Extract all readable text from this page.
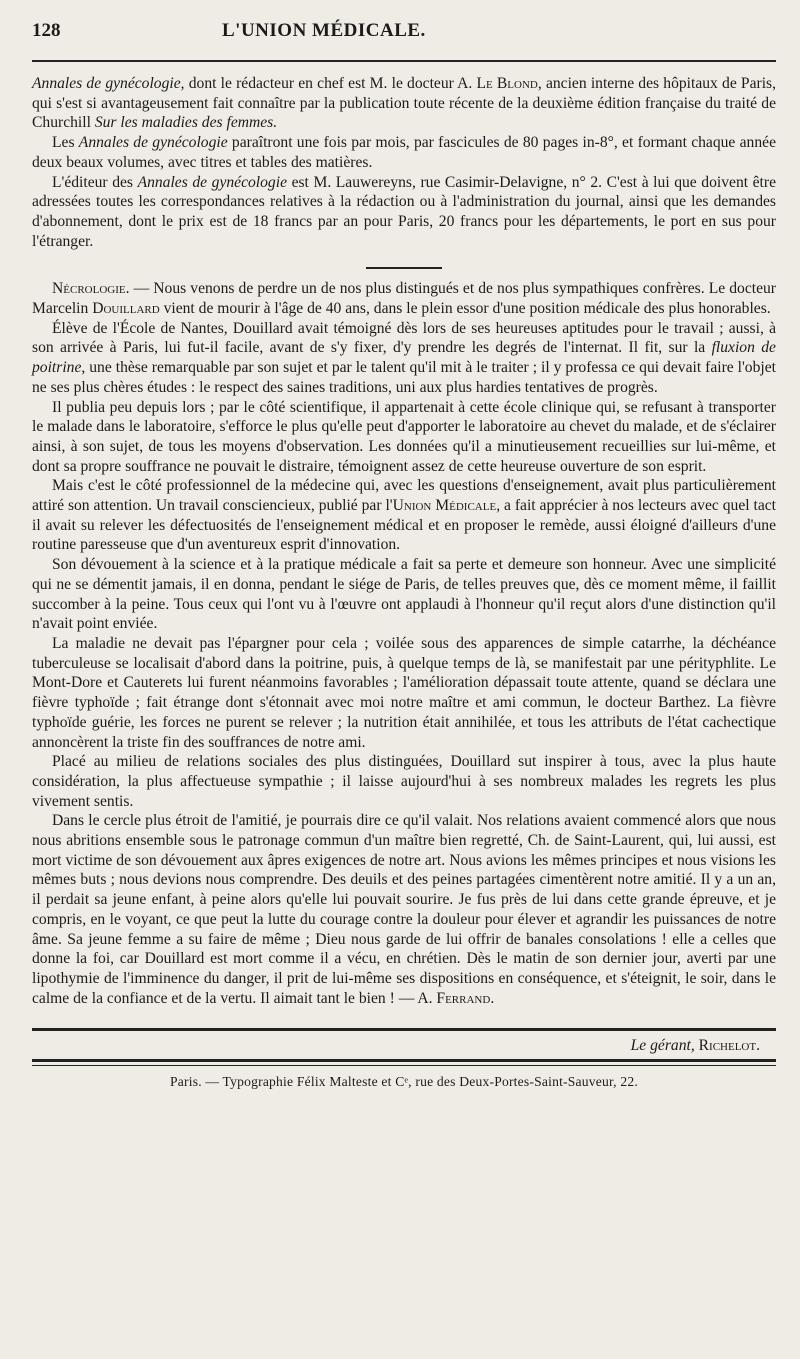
128	L'UNION MÉDICALE.

Annales de gynécologie, dont le rédacteur en chef est M. le docteur A. Le Blond, ancien interne des hôpitaux de Paris, qui s'est si avantageusement fait connaître par la publication toute récente de la deuxième édition française du traité de Churchill Sur les maladies des femmes.

Les Annales de gynécologie paraîtront une fois par mois, par fascicules de 80 pages in-8°, et formant chaque année deux beaux volumes, avec titres et tables des matières.

L'éditeur des Annales de gynécologie est M. Lauwereyns, rue Casimir-Delavigne, n° 2. C'est à lui que doivent être adressées toutes les correspondances relatives à la rédaction ou à l'administration du journal, ainsi que les demandes d'abonnement, dont le prix est de 18 francs par an pour Paris, 20 francs pour les départements, le port en sus pour l'étranger.

Nécrologie. — Nous venons de perdre un de nos plus distingués et de nos plus sympathiques confrères. Le docteur Marcelin Douillard vient de mourir à l'âge de 40 ans, dans le plein essor d'une position médicale des plus honorables.

Élève de l'École de Nantes, Douillard avait témoigné dès lors de ses heureuses aptitudes pour le travail ; aussi, à son arrivée à Paris, lui fut-il facile, avant de s'y fixer, d'y prendre les degrés de l'internat. Il fit, sur la fluxion de poitrine, une thèse remarquable par son sujet et par le talent qu'il mit à le traiter ; il y professa ce qui devait faire l'objet ne ses plus chères études : le respect des saines traditions, uni aux plus hardies tentatives de progrès.

Il publia peu depuis lors ; par le côté scientifique, il appartenait à cette école clinique qui, se refusant à transporter le malade dans le laboratoire, s'efforce le plus qu'elle peut d'apporter le laboratoire au chevet du malade, et de s'éclairer ainsi, à son sujet, de tous les moyens d'observation. Les données qu'il a minutieusement recueillies sur lui-même, et dont sa propre souffrance ne pouvait le distraire, témoignent assez de cette heureuse ouverture de son esprit.

Mais c'est le côté professionnel de la médecine qui, avec les questions d'enseignement, avait plus particulièrement attiré son attention. Un travail consciencieux, publié par l'Union Médicale, a fait apprécier à nos lecteurs avec quel tact il avait su relever les défectuosités de l'enseignement médical et en proposer le remède, aussi éloigné d'ailleurs d'une routine paresseuse que d'un aventureux esprit d'innovation.

Son dévouement à la science et à la pratique médicale a fait sa perte et demeure son honneur. Avec une simplicité qui ne se démentit jamais, il en donna, pendant le siége de Paris, de telles preuves que, dès ce moment même, il faillit succomber à la peine. Tous ceux qui l'ont vu à l'œuvre ont applaudi à l'honneur qu'il reçut alors d'une distinction qu'il n'avait point enviée.

La maladie ne devait pas l'épargner pour cela ; voilée sous des apparences de simple catarrhe, la déchéance tuberculeuse se localisait d'abord dans la poitrine, puis, à quelque temps de là, se manifestait par une pérityphlite. Le Mont-Dore et Cauterets lui furent néanmoins favorables ; l'amélioration dépassait toute attente, quand se déclara une fièvre typhoïde ; fait étrange dont s'étonnait avec moi notre maître et ami commun, le docteur Barthez. La fièvre typhoïde guérie, les forces ne purent se relever ; la nutrition était annihilée, et tous les attributs de l'état cachectique annoncèrent la triste fin des souffrances de notre ami.

Placé au milieu de relations sociales des plus distinguées, Douillard sut inspirer à tous, avec la plus haute considération, la plus affectueuse sympathie ; il laisse aujourd'hui à ses nombreux malades les regrets les plus vivement sentis.

Dans le cercle plus étroit de l'amitié, je pourrais dire ce qu'il valait. Nos relations avaient commencé alors que nous nous abritions ensemble sous le patronage commun d'un maître bien regretté, Ch. de Saint-Laurent, qui, lui aussi, est mort victime de son dévouement aux âpres exigences de notre art. Nous avions les mêmes principes et nous visions les mêmes buts ; nous devions nous comprendre. Des deuils et des peines partagées cimentèrent notre amitié. Il y a un an, il perdait sa jeune enfant, à peine alors qu'elle lui pouvait sourire. Je fus près de lui dans cette grande épreuve, et je compris, en le voyant, ce que peut la lutte du courage contre la douleur pour élever et agrandir les puissances de notre âme. Sa jeune femme a su faire de même ; Dieu nous garde de lui offrir de banales consolations ! elle a celles que donne la foi, car Douillard est mort comme il a vécu, en chrétien. Dès le matin de son dernier jour, averti par une lipothymie de l'imminence du danger, il prit de lui-même ses dispositions en conséquence, et s'éteignit, le soir, dans le calme de la confiance et de la vertu. Il aimait tant le bien ! — A. Ferrand.

Le gérant, Richelot.
Paris. — Typographie Félix Malteste et Cᵉ, rue des Deux-Portes-Saint-Sauveur, 22.
